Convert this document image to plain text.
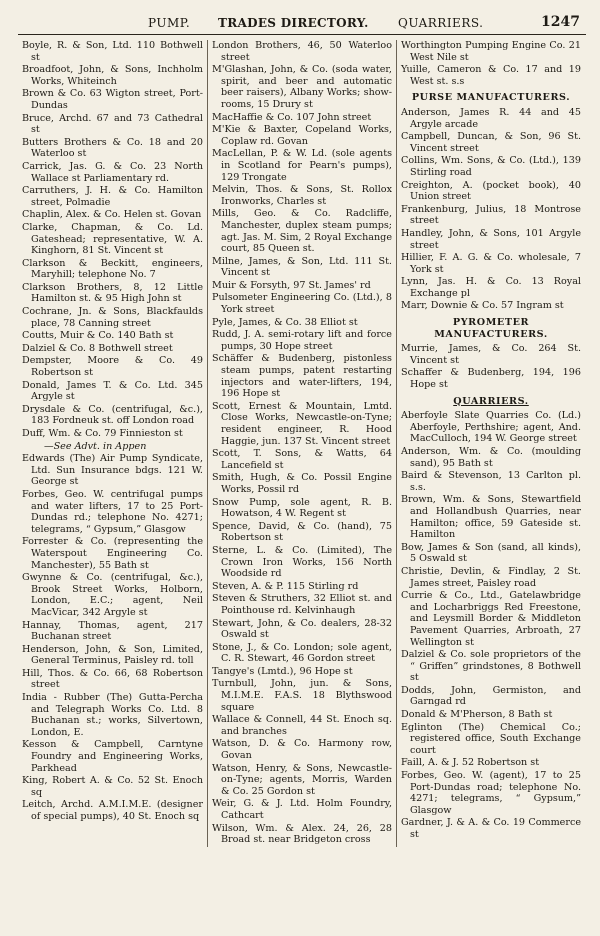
PUMP. TRADES DIRECTORY. QUARRIERS.	1247
Boyle, R. & Son, Ltd. 110 Bothwell st
Broadfoot, John, & Sons, Inchholm Works, Whiteinch
Brown & Co. 63 Wigton street, Port-Dundas
Bruce, Archd. 67 and 73 Cathedral st
Butters Brothers & Co. 18 and 20 Waterloo st
Carrick, Jas. G. & Co. 23 North Wallace st Parliamentary rd.
Carruthers, J. H. & Co. Hamilton street, Polmadie
Chaplin, Alex. & Co. Helen st. Govan
Clarke, Chapman, & Co. Ld. Gateshead; representative, W. A. Kinghorn, 81 St. Vincent st
Clarkson & Beckitt, engineers, Maryhill; telephone No. 7
Clarkson Brothers, 8, 12 Little Hamilton st. & 95 High John st
Cochrane, Jn. & Sons, Blackfaulds place, 78 Canning street
Coutts, Muir & Co. 140 Bath st
Dalziel & Co. 8 Bothwell street
Dempster, Moore & Co. 49 Robertson st
Donald, James T. & Co. Ltd. 345 Argyle st
Drysdale & Co. (centrifugal, &c.), 183 Fordneuk st. off London road
Duff, Wm. & Co. 79 Finnieston st
—See Advt. in Appen
Edwards (The) Air Pump Syndicate, Ltd. Sun Insurance bdgs. 121 W. George st
Forbes, Geo. W. centrifugal pumps and water lifters, 17 to 25 Port-Dundas rd.; telephone No. 4271; telegrams, “ Gypsum,” Glasgow
Forrester & Co. (representing the Waterspout Engineering Co. Manchester), 55 Bath st
Gwynne & Co. (centrifugal, &c.), Brook Street Works, Holborn, London, E.C.; agent, Neil MacVicar, 342 Argyle st
Hannay, Thomas, agent, 217 Buchanan street
Henderson, John, & Son, Limited, General Terminus, Paisley rd. toll
Hill, Thos. & Co. 66, 68 Robertson street
India - Rubber (The) Gutta-Percha and Telegraph Works Co. Ltd. 8 Buchanan st.; works, Silvertown, London, E.
Kesson & Campbell, Carntyne Foundry and Engineering Works, Parkhead
King, Robert A. & Co. 52 St. Enoch sq
Leitch, Archd. A.M.I.M.E. (designer of special pumps), 40 St. Enoch sq
London Brothers, 46, 50 Waterloo street
M'Glashan, John, & Co. (soda water, spirit, and beer and automatic beer raisers), Albany Works; show-rooms, 15 Drury st
MacHaffie & Co. 107 John street
M'Kie & Baxter, Copeland Works, Coplaw rd. Govan
MacLellan, P. & W. Ld. (sole agents in Scotland for Pearn's pumps), 129 Trongate
Melvin, Thos. & Sons, St. Rollox Ironworks, Charles st
Mills, Geo. & Co. Radcliffe, Manchester, duplex steam pumps; agt. Jas. M. Sim, 2 Royal Exchange court, 85 Queen st.
Milne, James, & Son, Ltd. 111 St. Vincent st
Muir & Forsyth, 97 St. James' rd
Pulsometer Engineering Co. (Ltd.), 8 York street
Pyle, James, & Co. 38 Elliot st
Rudd, J. A. semi-rotary lift and force pumps, 30 Hope street
Schäffer & Budenberg, pistonless steam pumps, patent restarting injectors and water-lifters, 194, 196 Hope st
Scott, Ernest & Mountain, Lmtd. Close Works, Newcastle-on-Tyne; resident engineer, R. Hood Haggie, jun. 137 St. Vincent street
Scott, T. Sons, & Watts, 64 Lancefield st
Smith, Hugh, & Co. Possil Engine Works, Possil rd
Snow Pump, sole agent, R. B. Howatson, 4 W. Regent st
Spence, David, & Co. (hand), 75 Robertson st
Sterne, L. & Co. (Limited), The Crown Iron Works, 156 North Woodside rd
Steven, A. & P. 115 Stirling rd
Steven & Struthers, 32 Elliot st. and Pointhouse rd. Kelvinhaugh
Stewart, John, & Co. dealers, 28-32 Oswald st
Stone, J., & Co. London; sole agent, C. R. Stewart, 46 Gordon street
Tangye's (Lmtd.), 96 Hope st
Turnbull, John, jun. & Sons, M.I.M.E. F.A.S. 18 Blythswood square
Wallace & Connell, 44 St. Enoch sq. and branches
Watson, D. & Co. Harmony row, Govan
Watson, Henry, & Sons, Newcastle-on-Tyne; agents, Morris, Warden & Co. 25 Gordon st
Weir, G. & J. Ltd. Holm Foundry, Cathcart
Wilson, Wm. & Alex. 24, 26, 28 Broad st. near Bridgeton cross
Worthington Pumping Engine Co. 21 West Nile st
Yuille, Cameron & Co. 17 and 19 West st. s.s
PURSE MANUFACTURERS.
Anderson, James R. 44 and 45 Argyle arcade
Campbell, Duncan, & Son, 96 St. Vincent street
Collins, Wm. Sons, & Co. (Ltd.), 139 Stirling road
Creighton, A. (pocket book), 40 Union street
Frankenburg, Julius, 18 Montrose street
Handley, John, & Sons, 101 Argyle street
Hillier, F. A. G. & Co. wholesale, 7 York st
Lynn, Jas. H. & Co. 13 Royal Exchange pl
Marr, Downie & Co. 57 Ingram st
PYROMETER MANUFACTURERS.
Murrie, James, & Co. 264 St. Vincent st
Schaffer & Budenberg, 194, 196 Hope st
QUARRIERS.
Aberfoyle Slate Quarries Co. (Ld.) Aberfoyle, Perthshire; agent, And. MacCulloch, 194 W. George street
Anderson, Wm. & Co. (moulding sand), 95 Bath st
Baird & Stevenson, 13 Carlton pl. s.s.
Brown, Wm. & Sons, Stewartfield and Hollandbush Quarries, near Hamilton; office, 59 Gateside st. Hamilton
Bow, James & Son (sand, all kinds), 5 Oswald st
Christie, Devlin, & Findlay, 2 St. James street, Paisley road
Currie & Co., Ltd., Gatelawbridge and Locharbriggs Red Freestone, and Leysmill Border & Middleton Pavement Quarries, Arbroath, 27 Wellington st
Dalziel & Co. sole proprietors of the “ Griffen” grindstones, 8 Bothwell st
Dodds, John, Germiston, and Garngad rd
Donald & M'Pherson, 8 Bath st
Eglinton (The) Chemical Co.; registered office, South Exchange court
Faill, A. & J. 52 Robertson st
Forbes, Geo. W. (agent), 17 to 25 Port-Dundas road; telephone No. 4271; telegrams, “ Gypsum,” Glasgow
Gardner, J. & A. & Co. 19 Commerce st
